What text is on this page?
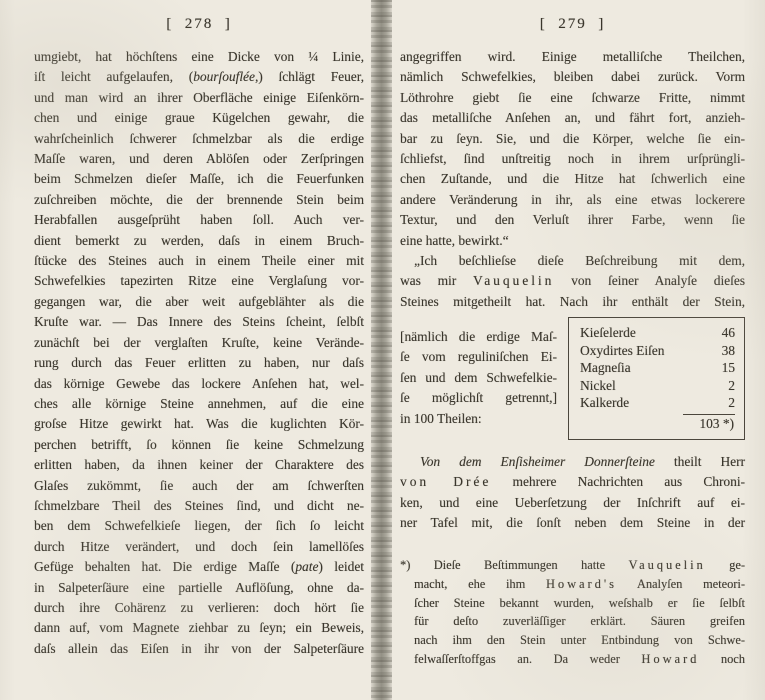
[  278  ]
umgiebt, hat höchſtens eine Dicke von ¼ Linie,
iſt leicht aufgelaufen, (bourſouflée,) ſchlägt Feuer,
und man wird an ihrer Oberfläche einige Eiſenkörn-
chen und einige graue Kügelchen gewahr, die
wahrſcheinlich ſchwerer ſchmelzbar als die erdige
Maſſe waren, und deren Ablöſen oder Zerſpringen
beim Schmelzen dieſer Maſſe, ich die Feuerfunken
zuſchreiben möchte, die der brennende Stein beim
Herabfallen ausgeſprüht haben ſoll. Auch ver-
dient bemerkt zu werden, daſs in einem Bruch-
ſtücke des Steines auch in einem Theile einer mit
Schwefelkies tapezirten Ritze eine Verglaſung vor-
gegangen war, die aber weit aufgeblähter als die
Kruſte war. — Das Innere des Steins ſcheint, ſelbſt
zunächſt bei der verglaſten Kruſte, keine Verände-
rung durch das Feuer erlitten zu haben, nur daſs
das körnige Gewebe das lockere Anſehen hat, wel-
ches alle körnige Steine annehmen, auf die eine
groſse Hitze gewirkt hat. Was die kuglichten Kör-
perchen betrifft, ſo können ſie keine Schmelzung
erlitten haben, da ihnen keiner der Charaktere des
Glaſes zukömmt, ſie auch der am ſchwerſten
ſchmelzbare Theil des Steines ſind, und dicht ne-
ben dem Schwefelkieſe liegen, der ſich ſo leicht
durch Hitze verändert, und doch ſein lamellöſes
Gefüge behalten hat. Die erdige Maſſe (pate) leidet
in Salpeterſäure eine partielle Auflöſung, ohne da-
durch ihre Cohärenz zu verlieren: doch hört ſie
dann auf, vom Magnete ziehbar zu ſeyn; ein Beweis,
daſs allein das Eiſen in ihr von der Salpeterſäure
[  279  ]
angegriffen wird. Einige metalliſche Theilchen,
nämlich Schwefelkies, bleiben dabei zurück. Vorm
Löthrohre giebt ſie eine ſchwarze Fritte, nimmt
das metalliſche Anſehen an, und fährt fort, anzieh-
bar zu ſeyn. Sie, und die Körper, welche ſie ein-
ſchliefst, ſind unſtreitig noch in ihrem urſprüngli-
chen Zuſtande, und die Hitze hat ſchwerlich eine
andere Veränderung in ihr, als eine etwas lockerere
Textur, und den Verluſt ihrer Farbe, wenn ſie
eine hatte, bewirkt.“
„Ich beſchlieſse dieſe Beſchreibung mit dem,
was mir Vauquelin von ſeiner Analyſe dieſes
Steines mitgetheilt hat. Nach ihr enthält der Stein,
[nämlich die erdige Maſ-
ſe vom reguliniſchen Ei-
ſen und dem Schwefelkie-
ſe möglichſt getrennt,]
in 100 Theilen:
Kieſelerde	46
Oxydirtes Eiſen	38
Magneſia	15
Nickel	2
Kalkerde	2
103 *)
Von dem Enſisheimer Donnerſteine theilt Herr
von Drée mehrere Nachrichten aus Chroni-
ken, und eine Ueberſetzung der Inſchrift auf ei-
ner Tafel mit, die ſonſt neben dem Steine in der
*) Dieſe Beſtimmungen hatte Vauquelin ge-
macht, ehe ihm Howard's Analyſen meteori-
ſcher Steine bekannt wurden, weſshalb er ſie ſelbſt
für deſto zuverläſſiger erklärt. Säuren greifen
nach ihm den Stein unter Entbindung von Schwe-
felwaſſerſtoffgas an. Da weder Howard noch
